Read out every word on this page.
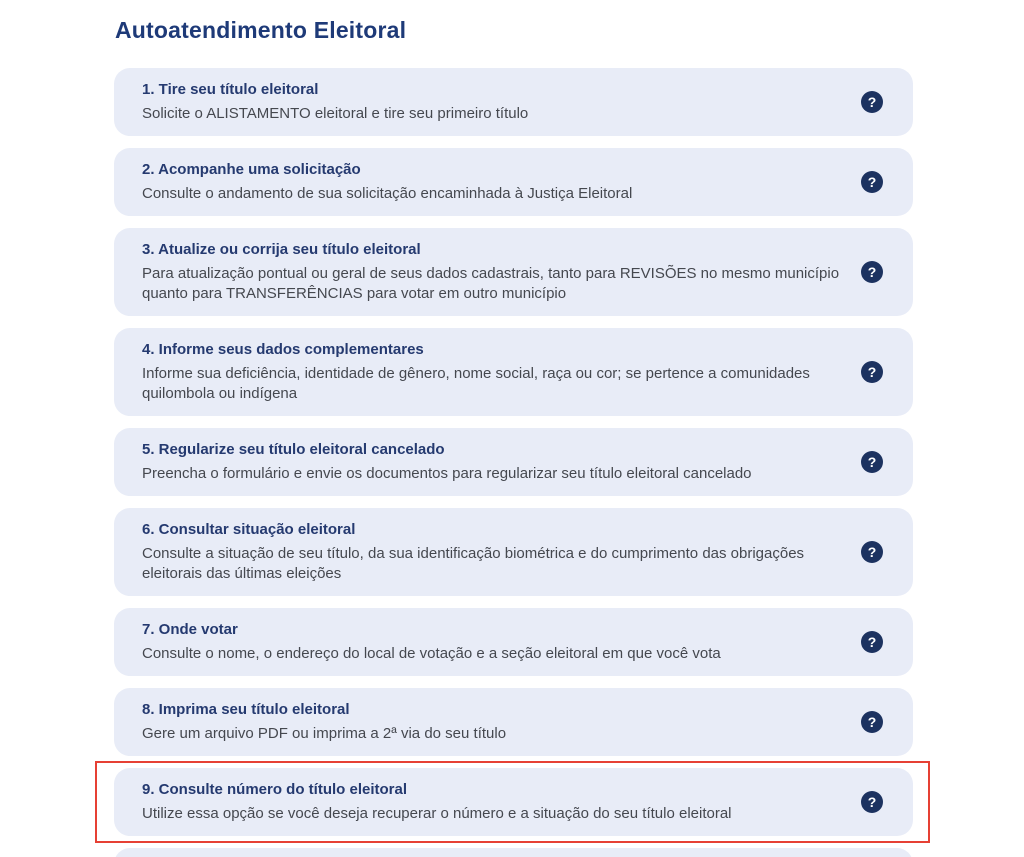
Autoatendimento Eleitoral
1. Tire seu título eleitoral
Solicite o ALISTAMENTO eleitoral e tire seu primeiro título
?
2. Acompanhe uma solicitação
Consulte o andamento de sua solicitação encaminhada à Justiça Eleitoral
?
3. Atualize ou corrija seu título eleitoral
Para atualização pontual ou geral de seus dados cadastrais, tanto para REVISÕES no mesmo município quanto para TRANSFERÊNCIAS para votar em outro município
?
4. Informe seus dados complementares
Informe sua deficiência, identidade de gênero, nome social, raça ou cor; se pertence a comunidades quilombola ou indígena
?
5. Regularize seu título eleitoral cancelado
Preencha o formulário e envie os documentos para regularizar seu título eleitoral cancelado
?
6. Consultar situação eleitoral
Consulte a situação de seu título, da sua identificação biométrica e do cumprimento das obrigações eleitorais das últimas eleições
?
7. Onde votar
Consulte o nome, o endereço do local de votação e a seção eleitoral em que você vota
?
8. Imprima seu título eleitoral
Gere um arquivo PDF ou imprima a 2ª via do seu título
?
9. Consulte número do título eleitoral
Utilize essa opção se você deseja recuperar o número e a situação do seu título eleitoral
?
